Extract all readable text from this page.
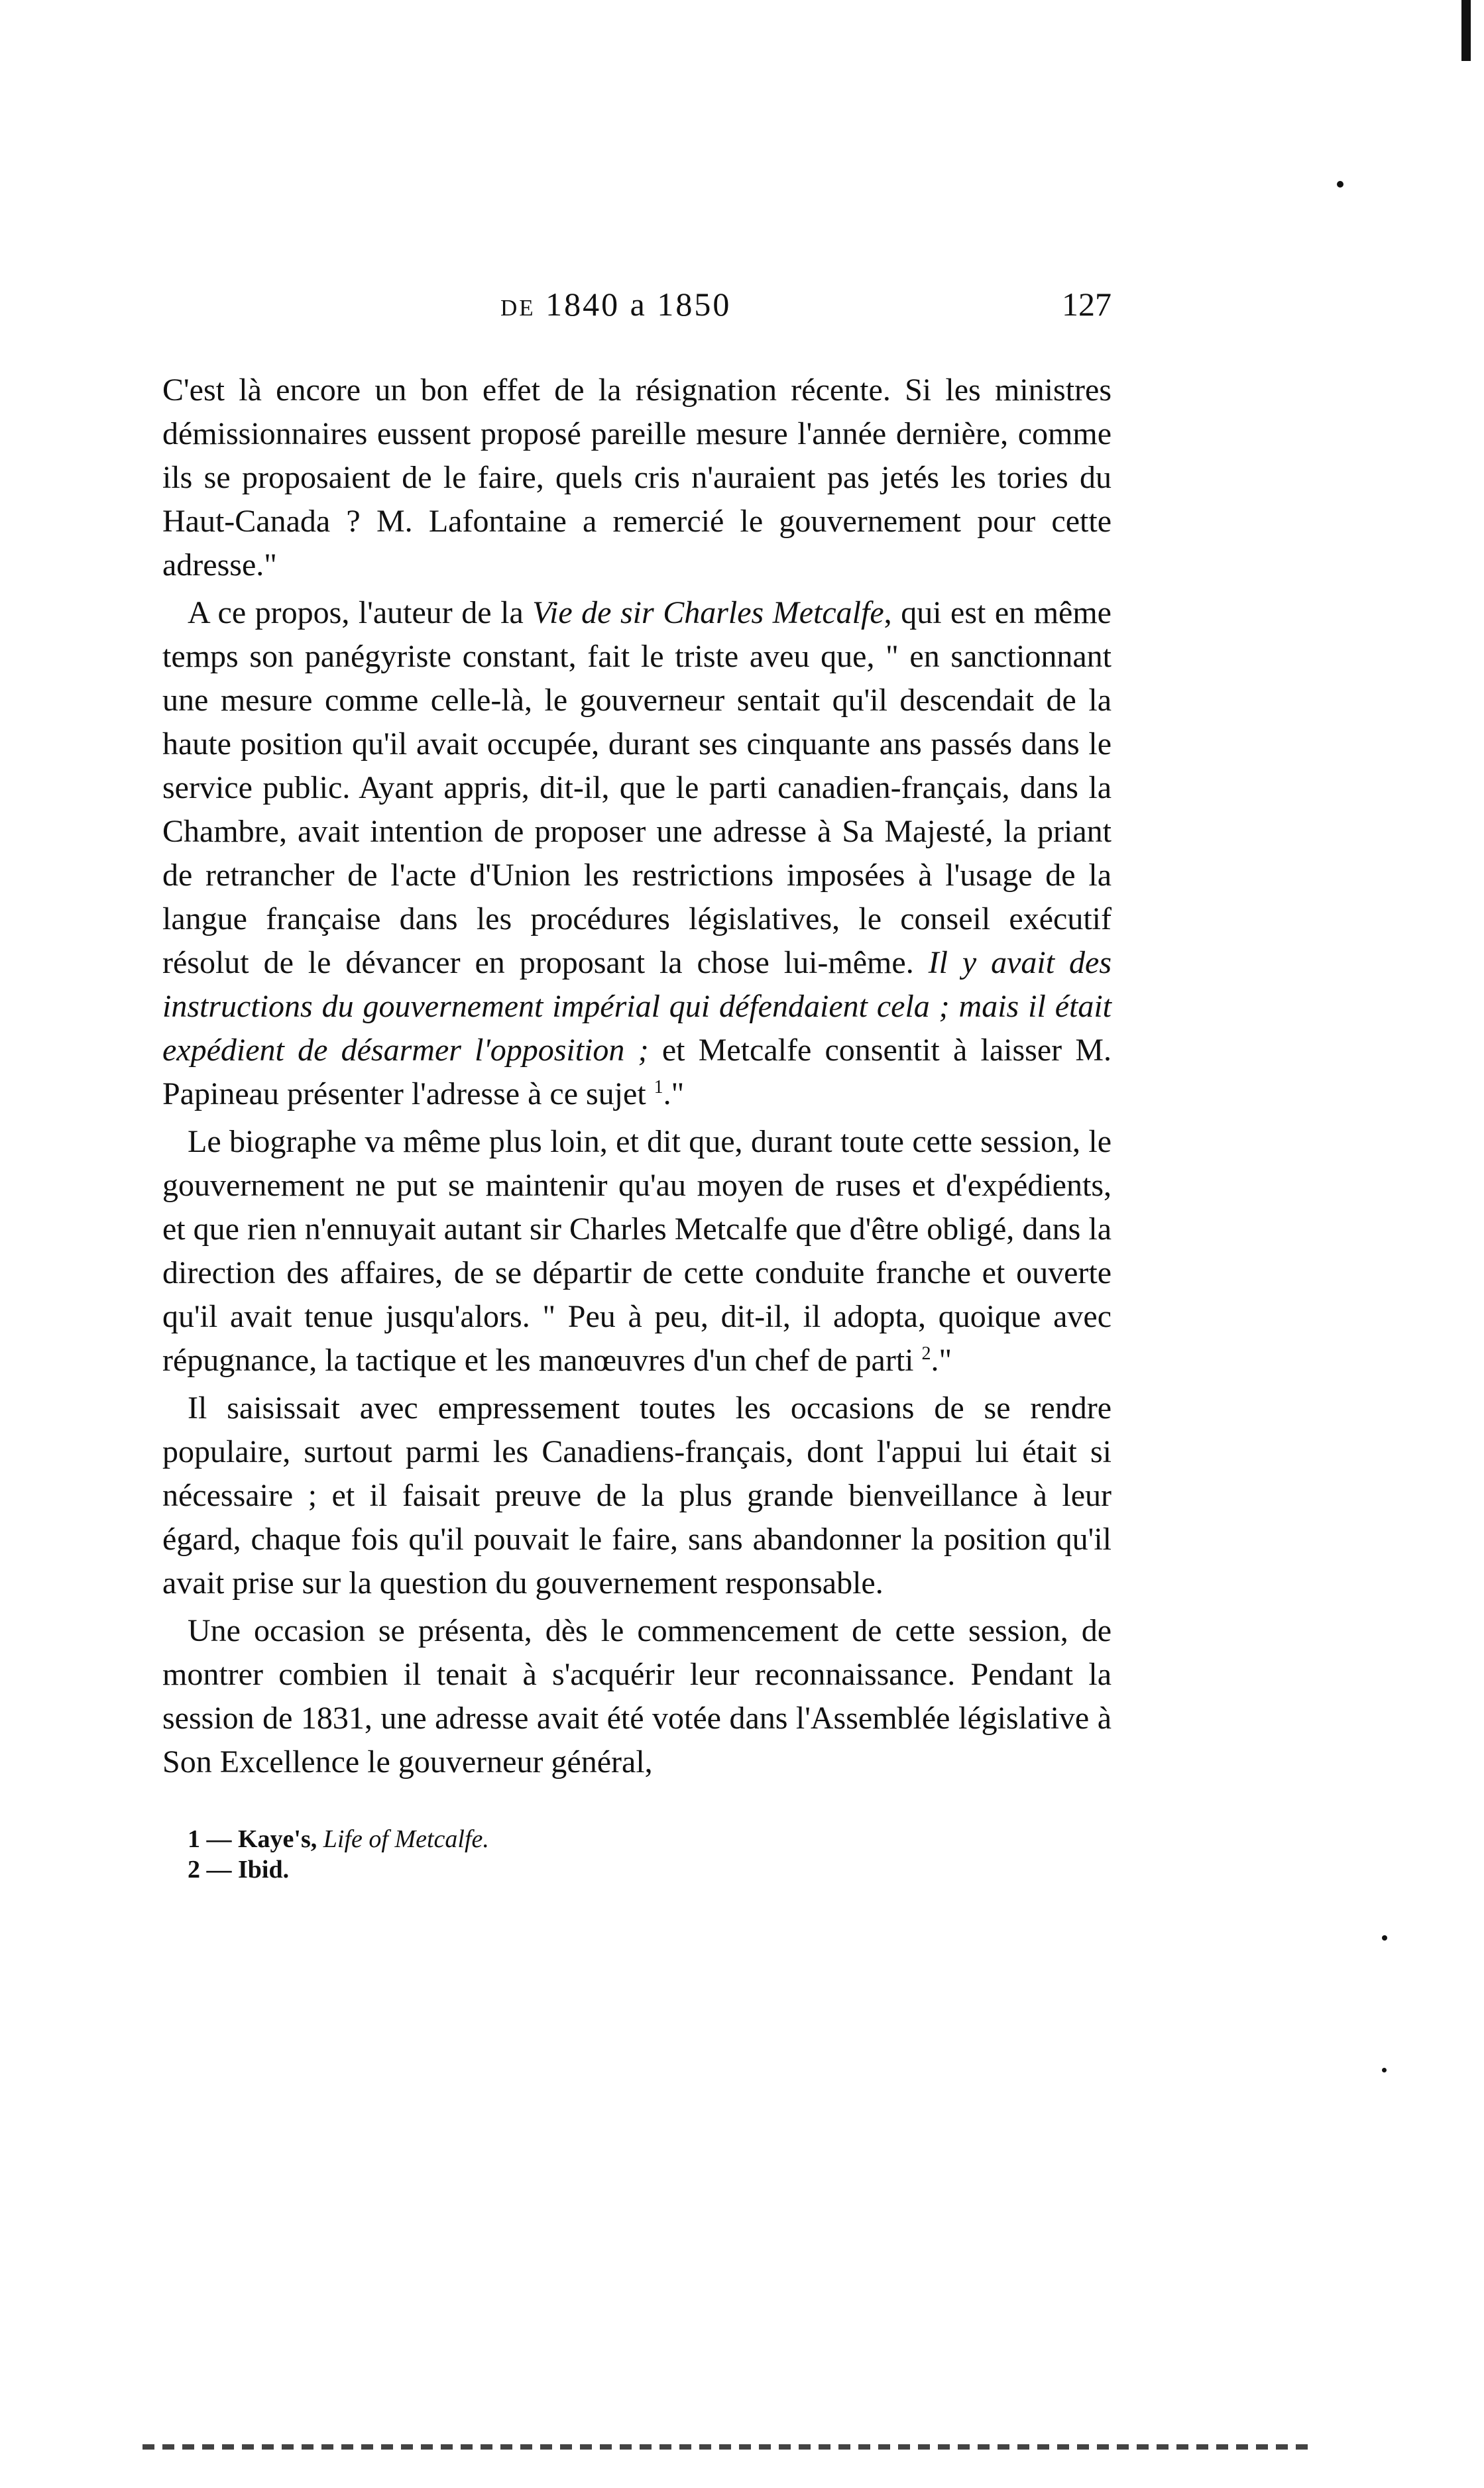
de 1840 a 1850	127

C'est là encore un bon effet de la résignation récente. Si les ministres démissionnaires eussent proposé pareille mesure l'année dernière, comme ils se proposaient de le faire, quels cris n'auraient pas jetés les tories du Haut-Canada ? M. Lafontaine a remercié le gouvernement pour cette adresse."

A ce propos, l'auteur de la Vie de sir Charles Metcalfe, qui est en même temps son panégyriste constant, fait le triste aveu que, " en sanctionnant une mesure comme celle-là, le gouverneur sentait qu'il descendait de la haute position qu'il avait occupée, durant ses cinquante ans passés dans le service public. Ayant appris, dit-il, que le parti canadien-français, dans la Chambre, avait intention de proposer une adresse à Sa Majesté, la priant de retrancher de l'acte d'Union les restrictions imposées à l'usage de la langue française dans les procédures législatives, le conseil exécutif résolut de le dévancer en proposant la chose lui-même. Il y avait des instructions du gouvernement impérial qui défendaient cela ; mais il était expédient de désarmer l'opposition ; et Metcalfe consentit à laisser M. Papineau présenter l'adresse à ce sujet $^1$."

Le biographe va même plus loin, et dit que, durant toute cette session, le gouvernement ne put se maintenir qu'au moyen de ruses et d'expédients, et que rien n'ennuyait autant sir Charles Metcalfe que d'être obligé, dans la direction des affaires, de se départir de cette conduite franche et ouverte qu'il avait tenue jusqu'alors. " Peu à peu, dit-il, il adopta, quoique avec répugnance, la tactique et les manœuvres d'un chef de parti $^2$."

Il saisissait avec empressement toutes les occasions de se rendre populaire, surtout parmi les Canadiens-français, dont l'appui lui était si nécessaire ; et il faisait preuve de la plus grande bienveillance à leur égard, chaque fois qu'il pouvait le faire, sans abandonner la position qu'il avait prise sur la question du gouvernement responsable.

Une occasion se présenta, dès le commencement de cette session, de montrer combien il tenait à s'acquérir leur reconnaissance. Pendant la session de 1831, une adresse avait été votée dans l'Assemblée législative à Son Excellence le gouverneur général,

1 — Kaye's, Life of Metcalfe.
2 — Ibid.
